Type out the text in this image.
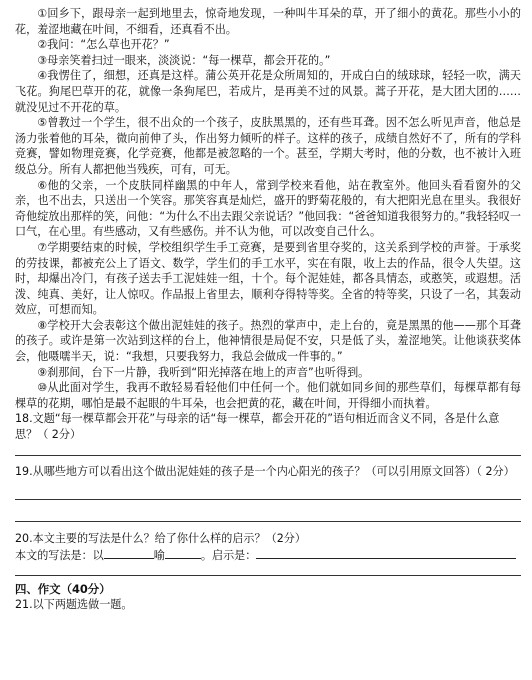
①回乡下，跟母亲一起到地里去，惊奇地发现，一种叫牛耳朵的草，开了细小的黄花。那些小小的花，羞涩地藏在叶间，不细看，还真看不出。

②我问：“怎么草也开花？”

③母亲笑着扫过一眼来，淡淡说：“每一棵草，都会开花的。”

④我愣住了，细想，还真是这样。蒲公英开花是众所周知的，开成白白的绒球球，轻轻一吹，满天飞花。狗尾巴草开的花，就像一条狗尾巴，若成片，是再美不过的风景。蒿子开花，是大团大团的……就没见过不开花的草。

⑤曾教过一个学生，很不出众的一个孩子，皮肤黑黑的，还有些耳聋。因不怎么听见声音，他总是汤力张着他的耳朵，微向前伸了头，作出努力倾听的样子。这样的孩子，成绩自然好不了，所有的学科竞赛，譬如物理竞赛，化学竞赛，他都是被忽略的一个。甚至，学期大考时，他的分数，也不被计入班级总分。所有人都把他当残疾，可有，可无。

⑥他的父亲，一个皮肤同样幽黑的中年人，常到学校来看他，站在教室外。他回头看看窗外的父亲，也不出去，只送出一个笑容。那笑容真是灿烂，盛开的野菊花般的，有大把阳光息在里头。我很好奇他绽放出那样的笑，问他：“为什么不出去跟父亲说话？”他回我：“爸爸知道我很努力的。”我轻轻叹一口气，在心里。有些感动，又有些感伤。并不认为他，可以改变自己什么。

⑦学期要结束的时候，学校组织学生手工竞赛，是要到省里夺奖的，这关系到学校的声誉。于承奖的劳技课，都被充公上了语文、数学，学生们的手工水平，实在有限，收上去的作品，很令人失望。这时，却爆出冷门，有孩子送去手工泥娃娃一组，十个。每个泥娃娃，都各具情态，或憨笑，或遐想。活泼、纯真、美好，让人惊叹。作品报上省里去，顺利夺得特等奖。全省的特等奖，只设了一名，其轰动效应，可想而知。

⑧学校开大会表彰这个做出泥娃娃的孩子。热烈的掌声中，走上台的，竟是黑黑的他——那个耳聋的孩子。或许是第一次站到这样的台上，他神情很是局促不安，只是低了头，羞涩地笑。让他谈获奖体会，他嗫嚅半天，说：“我想，只要我努力，我总会做成一件事的。”

⑨刹那间，台下一片静，我听到“阳光掉落在地上的声音”也听得到。

⑩从此面对学生，我再不敢轻易看轻他们中任何一个。他们就如同乡间的那些草们，每棵草都有每棵草的花期，哪怕是最不起眼的牛耳朵，也会把黄的花，藏在叶间，开得细小而执着。

18.文题“每一棵草都会开花”与母亲的话“每一棵草，都会开花的”语句相近而含义不同，各是什么意思？（ 2分）

19.从哪些地方可以看出这个做出泥娃娃的孩子是一个内心阳光的孩子？（可以引用原文回答）（ 2分）

20.本文主要的写法是什么？给了你什么样的启示？（2分）

本文的写法是：以	喻	。启示是：

四、作文（40分）

21.以下两题选做一题。
